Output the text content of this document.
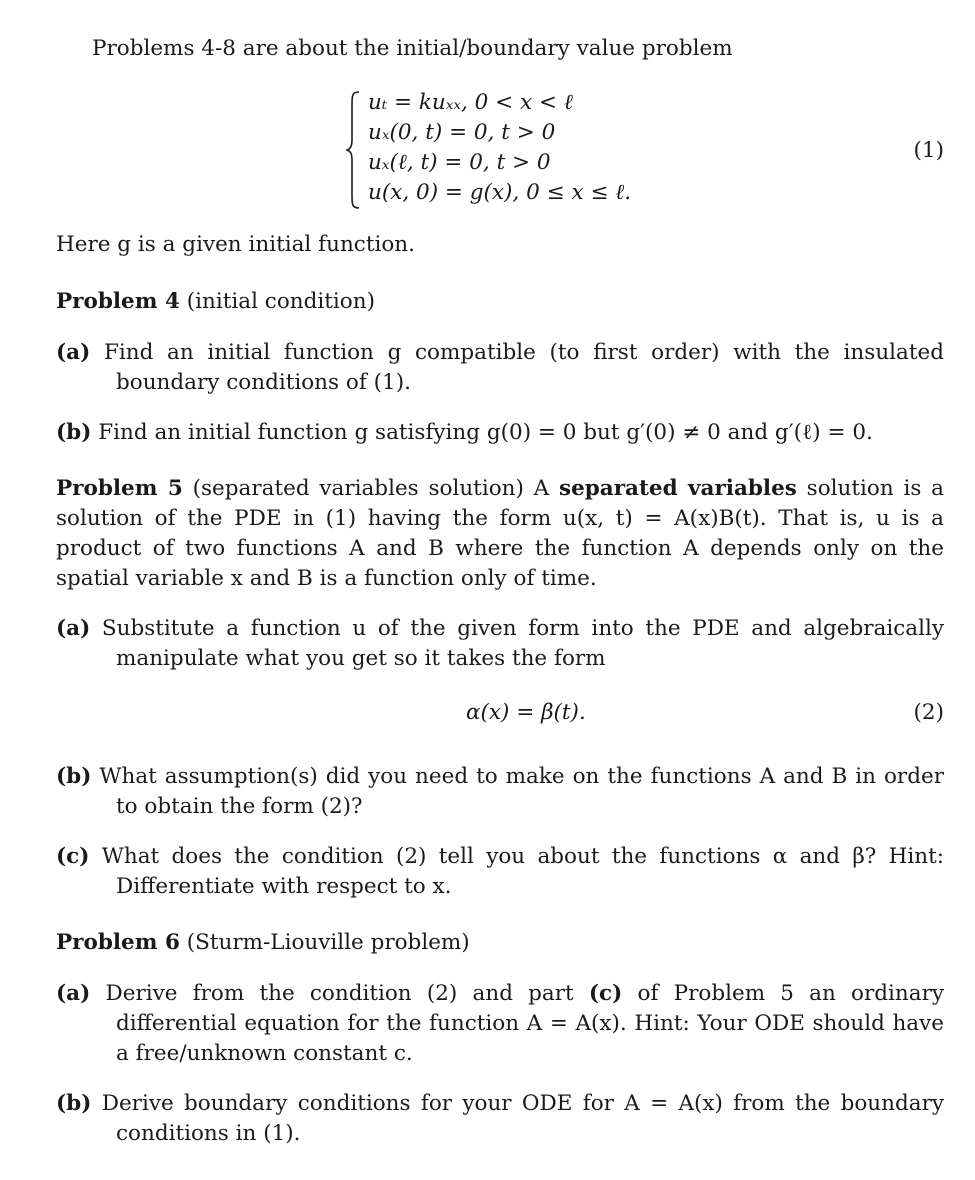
Problems 4-8 are about the initial/boundary value problem
uₜ = kuₓₓ, 0 < x < ℓ
uₓ(0, t) = 0, t > 0
uₓ(ℓ, t) = 0, t > 0
u(x, 0) = g(x), 0 ≤ x ≤ ℓ.
(1)
Here g is a given initial function.
Problem 4 (initial condition)
(a) Find an initial function g compatible (to first order) with the insulated boundary conditions of (1).
(b) Find an initial function g satisfying g(0) = 0 but g′(0) ≠ 0 and g′(ℓ) = 0.
Problem 5 (separated variables solution) A separated variables solution is a solution of the PDE in (1) having the form u(x, t) = A(x)B(t). That is, u is a product of two functions A and B where the function A depends only on the spatial variable x and B is a function only of time.
(a) Substitute a function u of the given form into the PDE and algebraically manipulate what you get so it takes the form
α(x) = β(t).	(2)
(b) What assumption(s) did you need to make on the functions A and B in order to obtain the form (2)?
(c) What does the condition (2) tell you about the functions α and β? Hint: Differentiate with respect to x.
Problem 6 (Sturm-Liouville problem)
(a) Derive from the condition (2) and part (c) of Problem 5 an ordinary differential equation for the function A = A(x). Hint: Your ODE should have a free/unknown constant c.
(b) Derive boundary conditions for your ODE for A = A(x) from the boundary conditions in (1).
